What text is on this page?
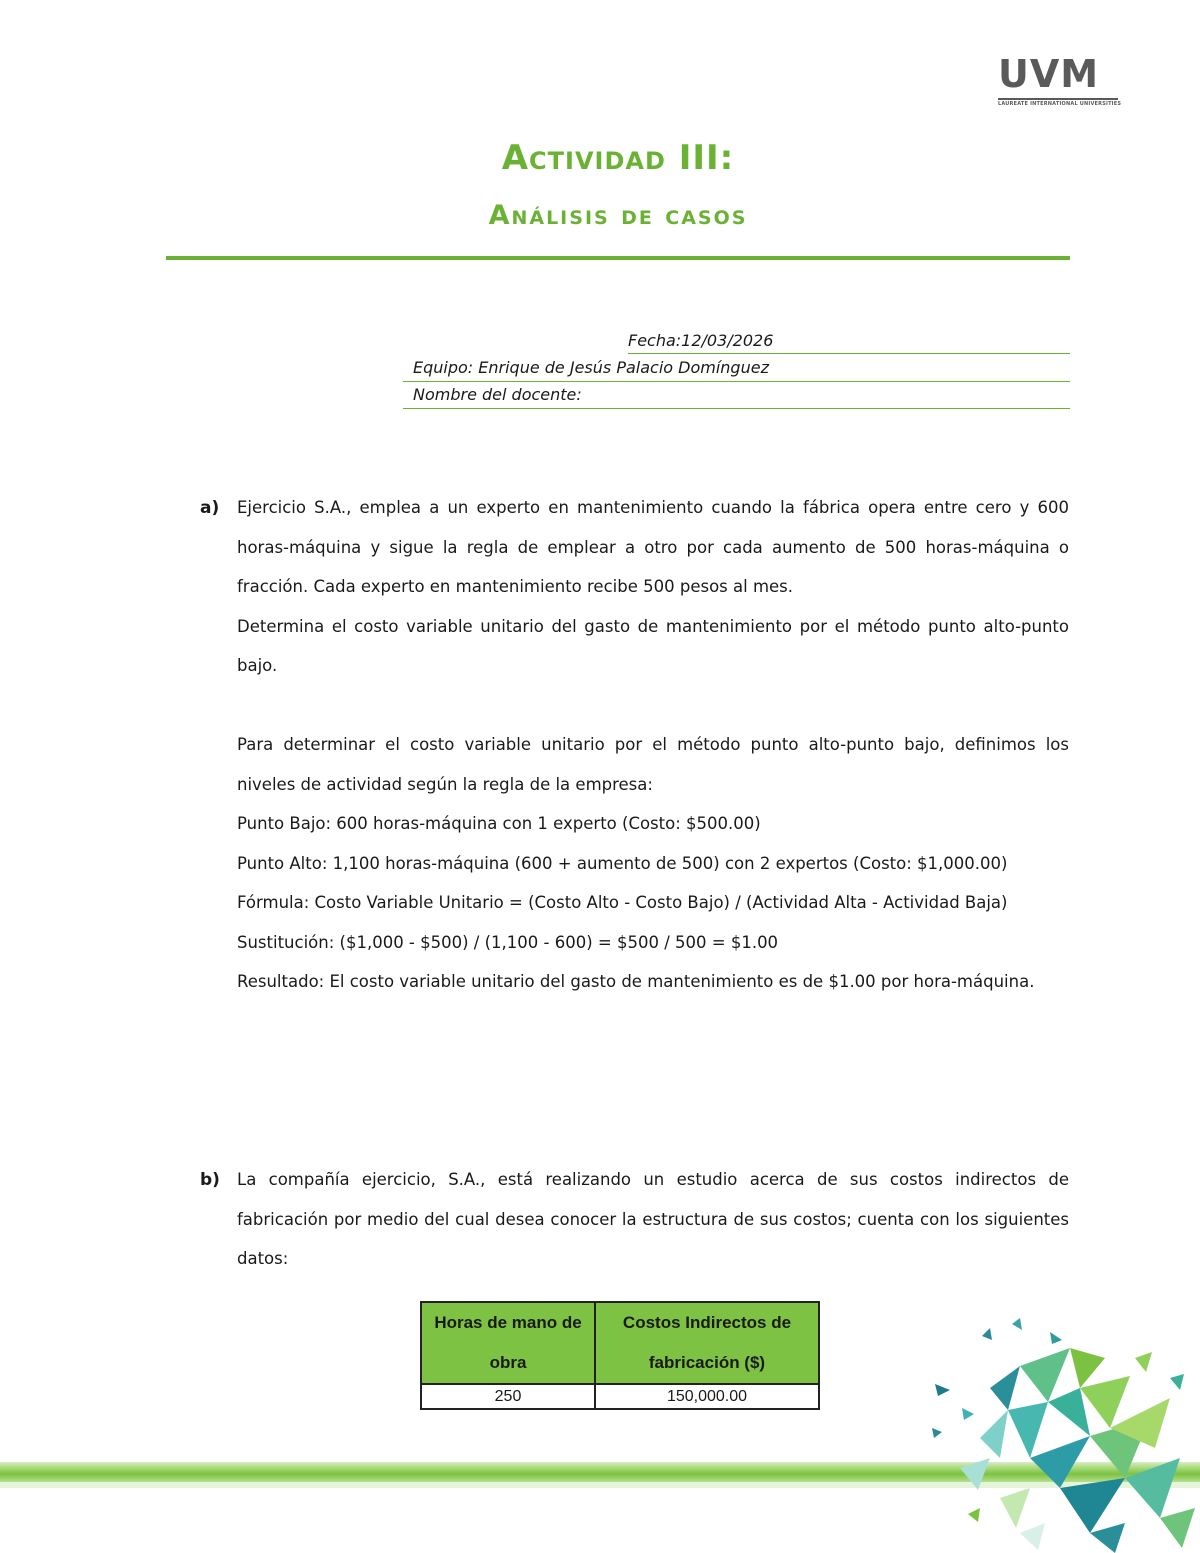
UVM
LAUREATE INTERNATIONAL UNIVERSITIES
Actividad III:
Análisis de casos
Fecha:12/03/2026
Equipo: Enrique de Jesús Palacio Domínguez
Nombre del docente:
a) Ejercicio S.A., emplea a un experto en mantenimiento cuando la fábrica opera entre cero y 600 horas-máquina y sigue la regla de emplear a otro por cada aumento de 500 horas-máquina o fracción. Cada experto en mantenimiento recibe 500 pesos al mes.

Determina el costo variable unitario del gasto de mantenimiento por el método punto alto-punto bajo.

Para determinar el costo variable unitario por el método punto alto-punto bajo, definimos los niveles de actividad según la regla de la empresa:

Punto Bajo: 600 horas-máquina con 1 experto (Costo: $500.00)

Punto Alto: 1,100 horas-máquina (600 + aumento de 500) con 2 expertos (Costo: $1,000.00)

Fórmula: Costo Variable Unitario = (Costo Alto - Costo Bajo) / (Actividad Alta - Actividad Baja)

Sustitución: ($1,000 - $500) / (1,100 - 600) = $500 / 500 = $1.00

Resultado: El costo variable unitario del gasto de mantenimiento es de $1.00 por hora-máquina.

b) La compañía ejercicio, S.A., está realizando un estudio acerca de sus costos indirectos de fabricación por medio del cual desea conocer la estructura de sus costos; cuenta con los siguientes datos:

Horas de mano de obra	Costos Indirectos de fabricación ($)
250	150,000.00
